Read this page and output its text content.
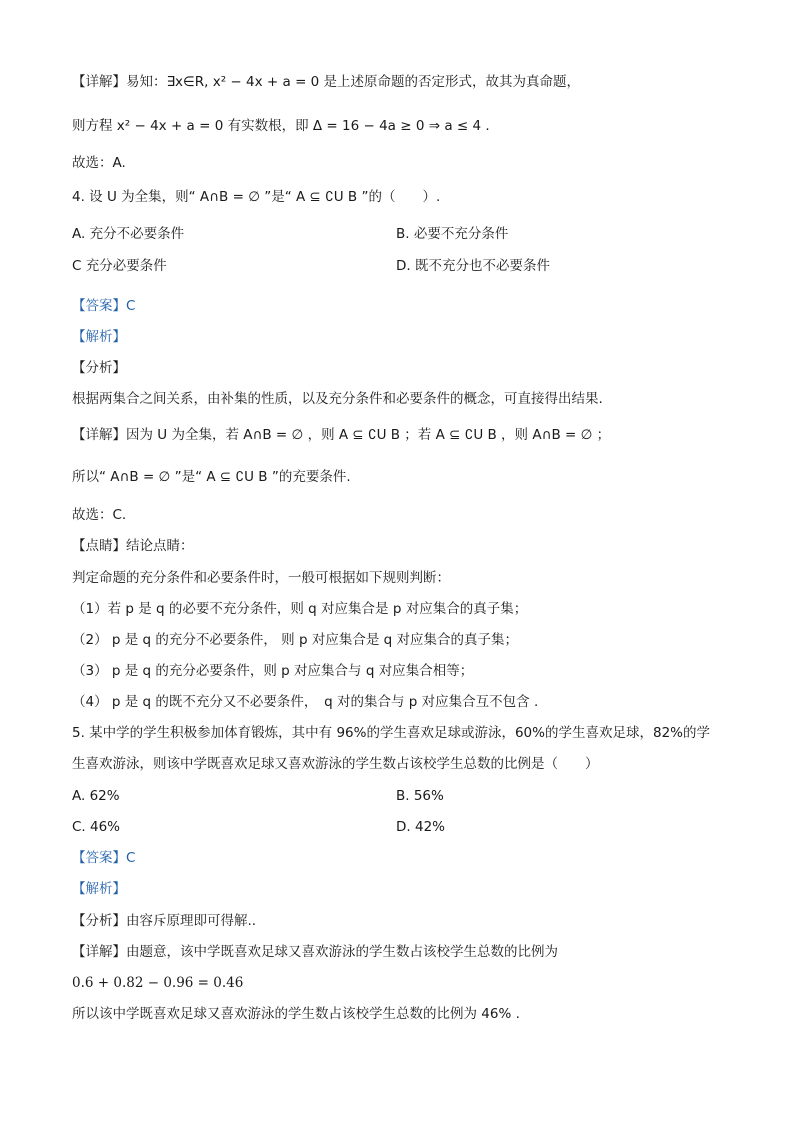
【详解】易知：∃x∈R, x² − 4x + a = 0 是上述原命题的否定形式，故其为真命题，
则方程 x² − 4x + a = 0 有实数根，即 Δ = 16 − 4a ≥ 0 ⇒ a ≤ 4 .
故选：A.
4. 设 U 为全集，则“ A∩B = ∅ ”是“ A ⊆ ∁U B ”的（　　）.
A. 充分不必要条件	B. 必要不充分条件
C 充分必要条件	D. 既不充分也不必要条件
【答案】C
【解析】
【分析】
根据两集合之间关系，由补集的性质，以及充分条件和必要条件的概念，可直接得出结果.
【详解】因为 U 为全集，若 A∩B = ∅ ，则 A ⊆ ∁U B ；若 A ⊆ ∁U B ，则 A∩B = ∅ ；
所以“ A∩B = ∅ ”是“ A ⊆ ∁U B ”的充要条件.
故选：C.
【点睛】结论点睛：
判定命题的充分条件和必要条件时，一般可根据如下规则判断：
（1）若 p 是 q 的必要不充分条件，则 q 对应集合是 p 对应集合的真子集；
（2） p 是 q 的充分不必要条件， 则 p 对应集合是 q 对应集合的真子集；
（3） p 是 q 的充分必要条件，则 p 对应集合与 q 对应集合相等；
（4） p 是 q 的既不充分又不必要条件，　q 对的集合与 p 对应集合互不包含 .
5. 某中学的学生积极参加体育锻炼，其中有 96%的学生喜欢足球或游泳，60%的学生喜欢足球，82%的学
生喜欢游泳，则该中学既喜欢足球又喜欢游泳的学生数占该校学生总数的比例是（　　）
A. 62%	B. 56%
C. 46%	D. 42%
【答案】C
【解析】
【分析】由容斥原理即可得解..
【详解】由题意，该中学既喜欢足球又喜欢游泳的学生数占该校学生总数的比例为
0.6 + 0.82 − 0.96 = 0.46
所以该中学既喜欢足球又喜欢游泳的学生数占该校学生总数的比例为 46% .
